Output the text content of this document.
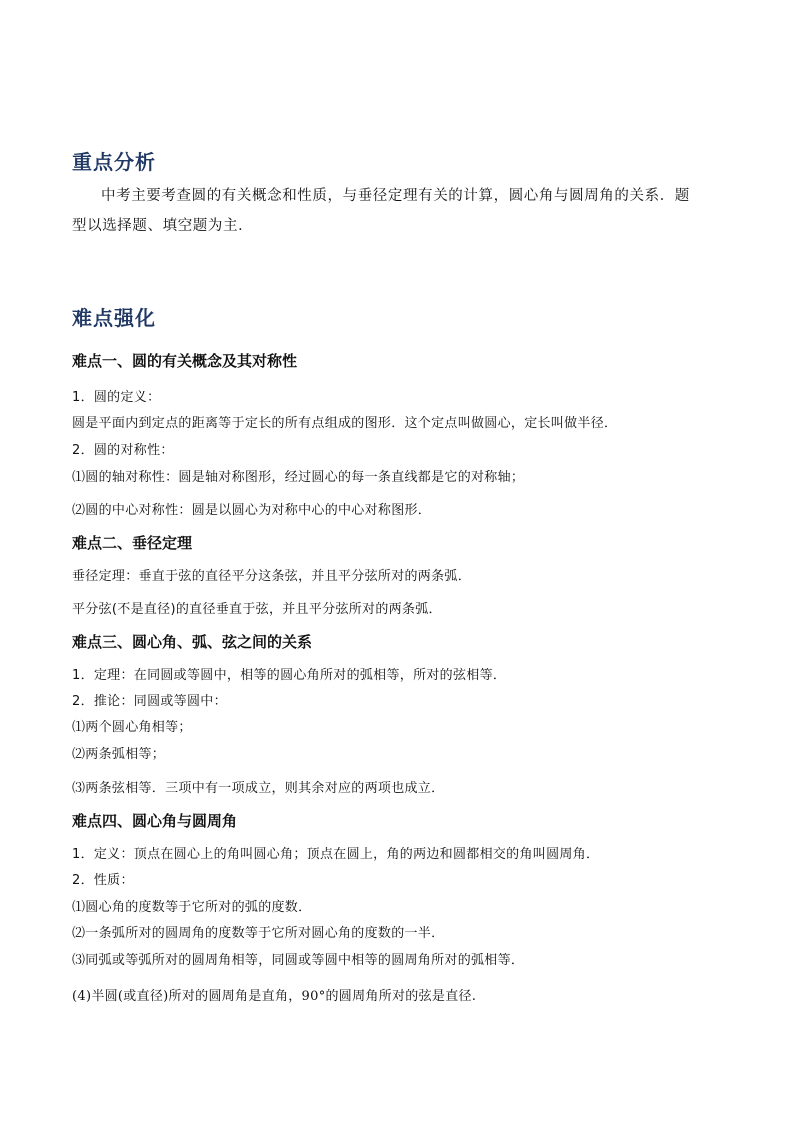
重点分析
中考主要考查圆的有关概念和性质，与垂径定理有关的计算，圆心角与圆周角的关系．题型以选择题、填空题为主．
难点强化
难点一、圆的有关概念及其对称性
1．圆的定义：
圆是平面内到定点的距离等于定长的所有点组成的图形．这个定点叫做圆心，定长叫做半径．
2．圆的对称性：
⑴圆的轴对称性：圆是轴对称图形，经过圆心的每一条直线都是它的对称轴；
⑵圆的中心对称性：圆是以圆心为对称中心的中心对称图形．
难点二、垂径定理
垂径定理：垂直于弦的直径平分这条弦，并且平分弦所对的两条弧．
平分弦(不是直径)的直径垂直于弦，并且平分弦所对的两条弧．
难点三、圆心角、弧、弦之间的关系
1．定理：在同圆或等圆中，相等的圆心角所对的弧相等，所对的弦相等．
2．推论：同圆或等圆中：
⑴两个圆心角相等；
⑵两条弧相等；
⑶两条弦相等．三项中有一项成立，则其余对应的两项也成立．
难点四、圆心角与圆周角
1．定义：顶点在圆心上的角叫圆心角；顶点在圆上，角的两边和圆都相交的角叫圆周角．
2．性质：
⑴圆心角的度数等于它所对的弧的度数．
⑵一条弧所对的圆周角的度数等于它所对圆心角的度数的一半．
⑶同弧或等弧所对的圆周角相等，同圆或等圆中相等的圆周角所对的弧相等．
(4)半圆(或直径)所对的圆周角是直角，90°的圆周角所对的弦是直径.
